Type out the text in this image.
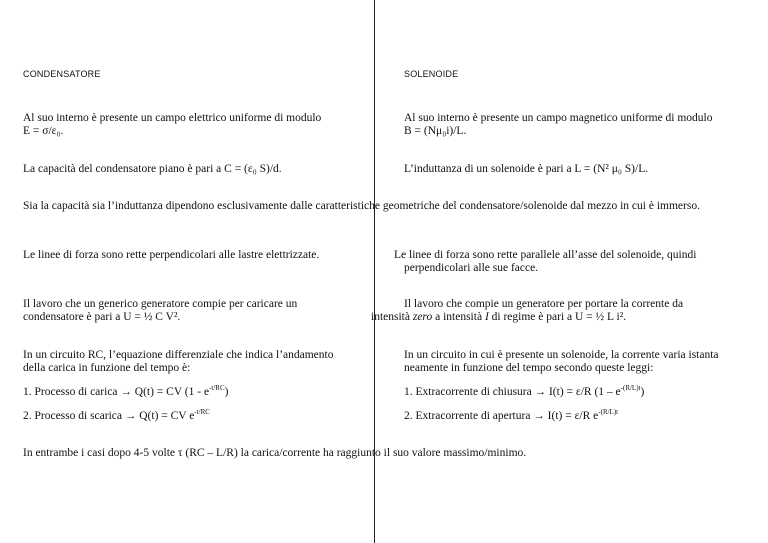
CONDENSATORE
Al suo interno è presente un campo elettrico uniforme di modulo
E = σ/ε₀.
La capacità del condensatore piano è pari a C = (ε₀ S)/d.
Le linee di forza sono rette perpendicolari alle lastre elettrizzate.
Il lavoro che un generico generatore compie per caricare un
condensatore è pari a U = ½ C V².
In un circuito RC, l’equazione differenziale che indica l’andamento
della carica in funzione del tempo è:
1. Processo di carica → Q(t) = CV $(1 - e^{-t/RC})$
2. Processo di scarica → Q(t) = CV $e^{-t/RC}$
SOLENOIDE
Al suo interno è presente un campo magnetico uniforme di modulo
B = (Nμ₀i)/L.
L’induttanza di un solenoide è pari a L = (N² μ₀ S)/L.
Le linee di forza sono rette parallele all’asse del solenoide, quindi
perpendicolari alle sue facce.
Il lavoro che compie un generatore per portare la corrente da
intensità zero a intensità I di regime è pari a U = ½ L i².
In un circuito in cui è presente un solenoide, la corrente varia istanta
neamente in funzione del tempo secondo queste leggi:
1. Extracorrente di chiusura → I(t) = ε/R $(1 - e^{-(R/L)t})$
2. Extracorrente di apertura → I(t) = ε/R $e^{-(R/L)t}$
Sia la capacità sia l’induttanza dipendono esclusivamente dalle caratteristiche geometriche del condensatore/solenoide dal mezzo in cui è immerso.
In entrambe i casi dopo 4-5 volte τ (RC – L/R) la carica/corrente ha raggiunto il suo valore massimo/minimo.
